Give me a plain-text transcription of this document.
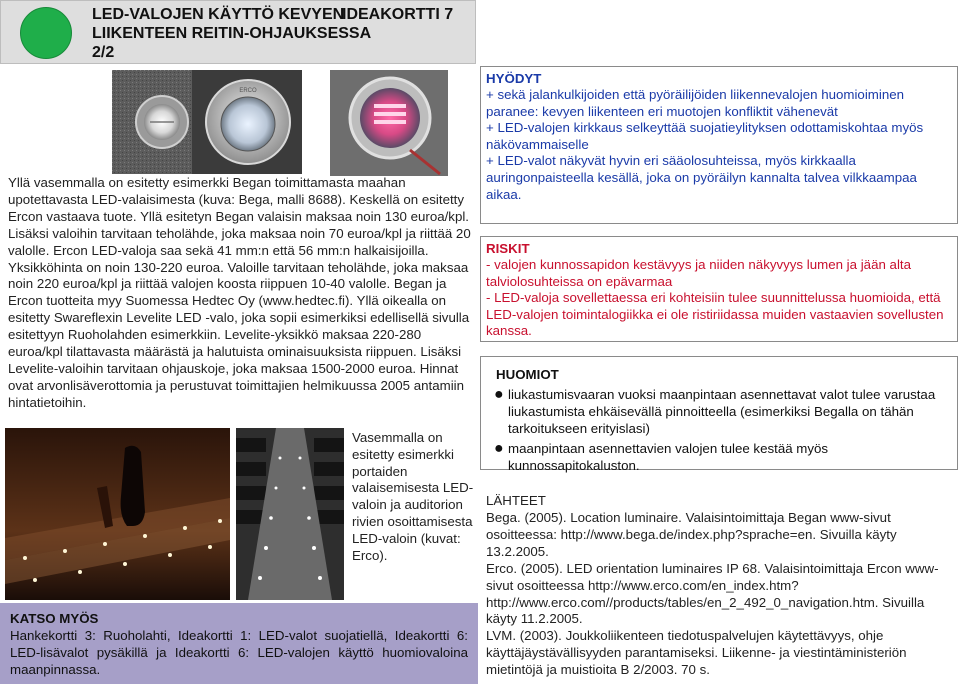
LED-VALOJEN KÄYTTÖ KEVYEN LIIKENTEEN REITIN-OHJAUKSESSA 2/2
IDEAKORTTI 7
ERCO
Yllä vasemmalla on esitetty esimerkki Began toimittamasta maahan upotettavasta LED-valaisimesta (kuva: Bega, malli 8688). Keskellä on esitetty Ercon vastaava tuote. Yllä esitetyn Began valaisin maksaa noin 130 euroa/kpl. Lisäksi valoihin tarvitaan teholähde, joka maksaa noin 70 euroa/kpl ja riittää 20 valolle. Ercon LED-valoja saa sekä 41 mm:n että 56 mm:n halkaisijoilla. Yksikköhinta on noin 130-220 euroa. Valoille tarvitaan teholähde, joka maksaa noin 220 euroa/kpl ja riittää valojen koosta riippuen 10-40 valolle. Began ja Ercon tuotteita myy Suomessa Hedtec Oy (www.hedtec.fi). Yllä oikealla on esitetty Swareflexin Levelite LED -valo, joka sopii esimerkiksi edellisellä sivulla esitettyyn Ruoholahden esimerkkiin. Levelite-yksikkö maksaa 220-280 euroa/kpl tilattavasta määrästä ja halutuista ominaisuuksista riippuen. Lisäksi Levelite-valoihin tarvitaan ohjauskoje, joka maksaa 1500-2000 euroa. Hinnat ovat arvonlisäverottomia ja perustuvat toimittajien helmikuussa 2005 antamiin hintatietoihin.
Vasemmalla on esitetty esimerkki portaiden valaisemisesta LED-valoin ja auditorion rivien osoittamisesta LED-valoin (kuvat: Erco).
KATSO MYÖS
Hankekortti 3: Ruoholahti, Ideakortti 1: LED-valot suojatiellä, Ideakortti 6: LED-lisävalot pysäkillä ja Ideakortti 6: LED-valojen käyttö huomiovaloina maanpinnassa.
HYÖDYT
+ sekä jalankulkijoiden että pyöräilijöiden liikennevalojen huomioiminen paranee: kevyen liikenteen eri muotojen konfliktit vähenevät
+ LED-valojen kirkkaus selkeyttää suojatieylityksen odottamiskohtaa myös näkövammaiselle
+ LED-valot näkyvät hyvin eri sääolosuhteissa, myös kirkkaalla auringonpaisteella kesällä, joka on pyöräilyn kannalta talvea vilkkaampaa aikaa.
RISKIT
- valojen kunnossapidon kestävyys ja niiden näkyvyys lumen ja jään alta talviolosuhteissa on epävarmaa
- LED-valoja sovellettaessa eri kohteisiin tulee suunnittelussa huomioida, että LED-valojen toimintalogiikka ei ole ristiriidassa muiden vastaavien sovellusten kanssa.
HUOMIOT
● liukastumisvaaran vuoksi maanpintaan asennettavat valot tulee varustaa liukastumista ehkäisevällä pinnoitteella (esimerkiksi Begalla on tähän tarkoitukseen erityislasi)
● maanpintaan asennettavien valojen tulee kestää myös kunnossapitokaluston.
LÄHTEET
Bega. (2005). Location luminaire. Valaisintoimittaja Began www-sivut osoitteessa: http://www.bega.de/index.php?sprache=en. Sivuilla käyty 13.2.2005.
Erco. (2005). LED orientation luminaires IP 68. Valaisintoimittaja Ercon www-sivut osoitteessa http://www.erco.com/en_index.htm?http://www.erco.com//products/tables/en_2_492_0_navigation.htm. Sivuilla käyty 11.2.2005.
LVM. (2003). Joukkoliikenteen tiedotuspalvelujen käytettävyys, ohje käyttäjäystävällisyyden parantamiseksi. Liikenne- ja viestintäministeriön mietintöjä ja muistioita B 2/2003. 70 s.
